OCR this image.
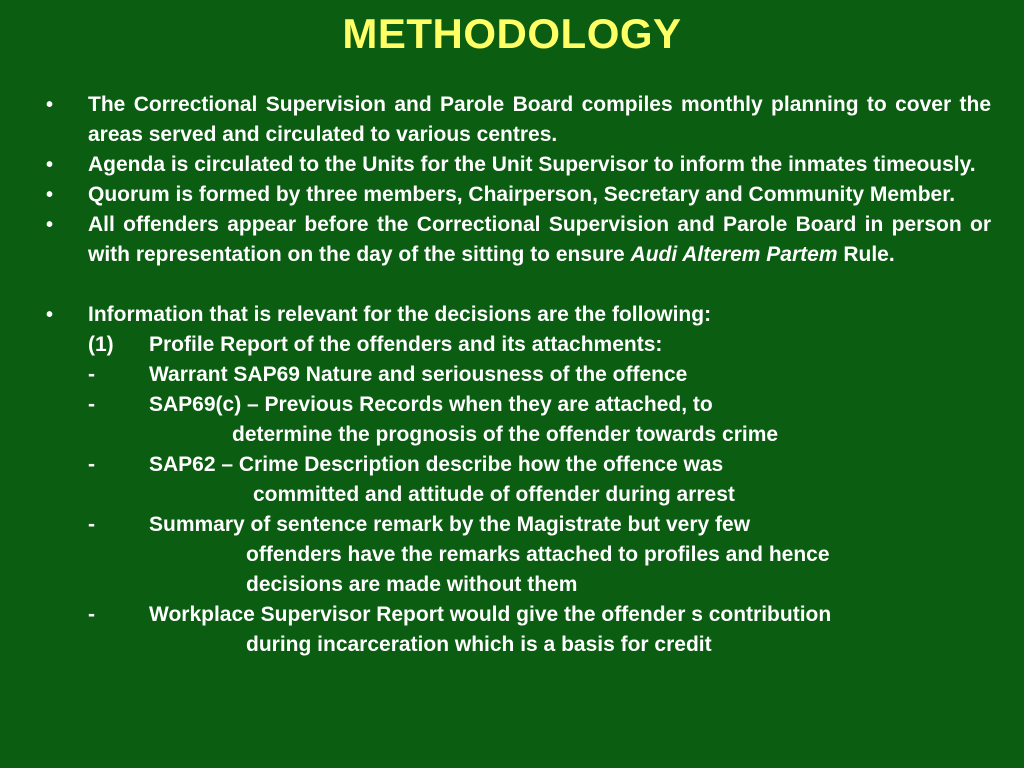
METHODOLOGY
• The Correctional Supervision and Parole Board compiles monthly planning to cover the areas served and circulated to various centres.
• Agenda is circulated to the Units for the Unit Supervisor to inform the inmates timeously.
• Quorum is formed by three members, Chairperson, Secretary and Community Member.
• All offenders appear before the Correctional Supervision and Parole Board in person or with representation on the day of the sitting to ensure Audi Alterem Partem Rule.
• Information that is relevant for the decisions are the following:
(1) Profile Report of the offenders and its attachments:
-	Warrant SAP69 Nature and seriousness of the offence
-	SAP69(c) – Previous Records when they are attached, to
determine the prognosis of the offender towards crime
-	SAP62 – Crime Description describe how the offence was
committed and attitude of offender during arrest
-	Summary of sentence remark by the Magistrate but very few
offenders have the remarks attached to profiles and hence
decisions are made without them
-	Workplace Supervisor Report would give the offender s contribution
during incarceration which is a basis for credit
